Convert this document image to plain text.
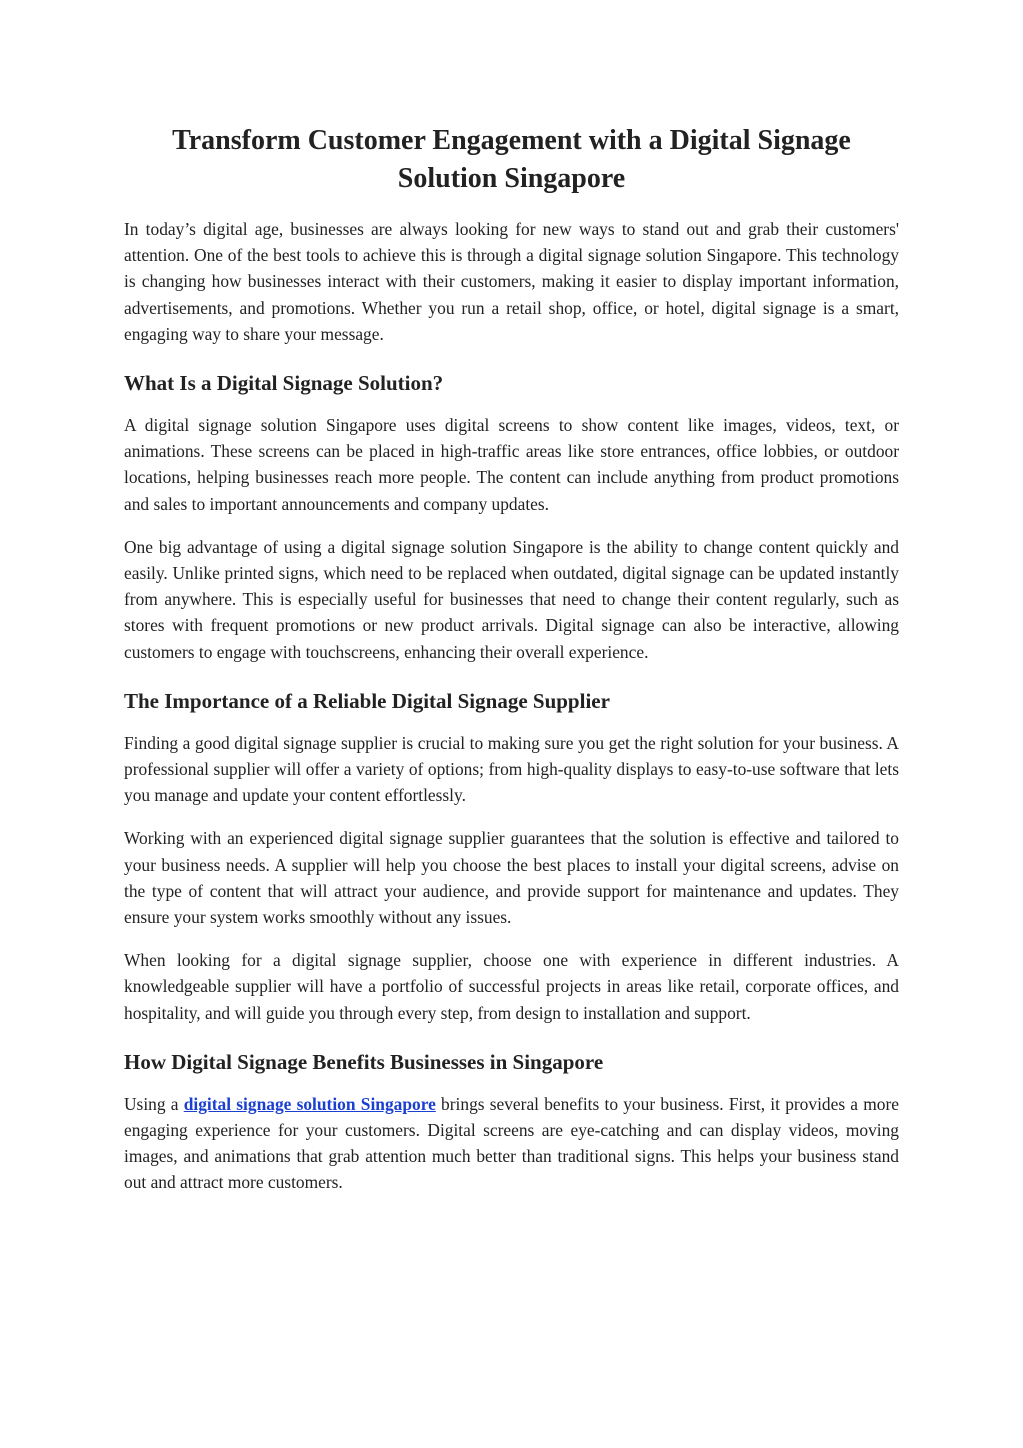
Transform Customer Engagement with a Digital Signage Solution Singapore

In today’s digital age, businesses are always looking for new ways to stand out and grab their customers' attention. One of the best tools to achieve this is through a digital signage solution Singapore. This technology is changing how businesses interact with their customers, making it easier to display important information, advertisements, and promotions. Whether you run a retail shop, office, or hotel, digital signage is a smart, engaging way to share your message.

What Is a Digital Signage Solution?

A digital signage solution Singapore uses digital screens to show content like images, videos, text, or animations. These screens can be placed in high-traffic areas like store entrances, office lobbies, or outdoor locations, helping businesses reach more people. The content can include anything from product promotions and sales to important announcements and company updates.

One big advantage of using a digital signage solution Singapore is the ability to change content quickly and easily. Unlike printed signs, which need to be replaced when outdated, digital signage can be updated instantly from anywhere. This is especially useful for businesses that need to change their content regularly, such as stores with frequent promotions or new product arrivals. Digital signage can also be interactive, allowing customers to engage with touchscreens, enhancing their overall experience.

The Importance of a Reliable Digital Signage Supplier

Finding a good digital signage supplier is crucial to making sure you get the right solution for your business. A professional supplier will offer a variety of options; from high-quality displays to easy-to-use software that lets you manage and update your content effortlessly.

Working with an experienced digital signage supplier guarantees that the solution is effective and tailored to your business needs. A supplier will help you choose the best places to install your digital screens, advise on the type of content that will attract your audience, and provide support for maintenance and updates. They ensure your system works smoothly without any issues.

When looking for a digital signage supplier, choose one with experience in different industries. A knowledgeable supplier will have a portfolio of successful projects in areas like retail, corporate offices, and hospitality, and will guide you through every step, from design to installation and support.

How Digital Signage Benefits Businesses in Singapore

Using a digital signage solution Singapore brings several benefits to your business. First, it provides a more engaging experience for your customers. Digital screens are eye-catching and can display videos, moving images, and animations that grab attention much better than traditional signs. This helps your business stand out and attract more customers.
